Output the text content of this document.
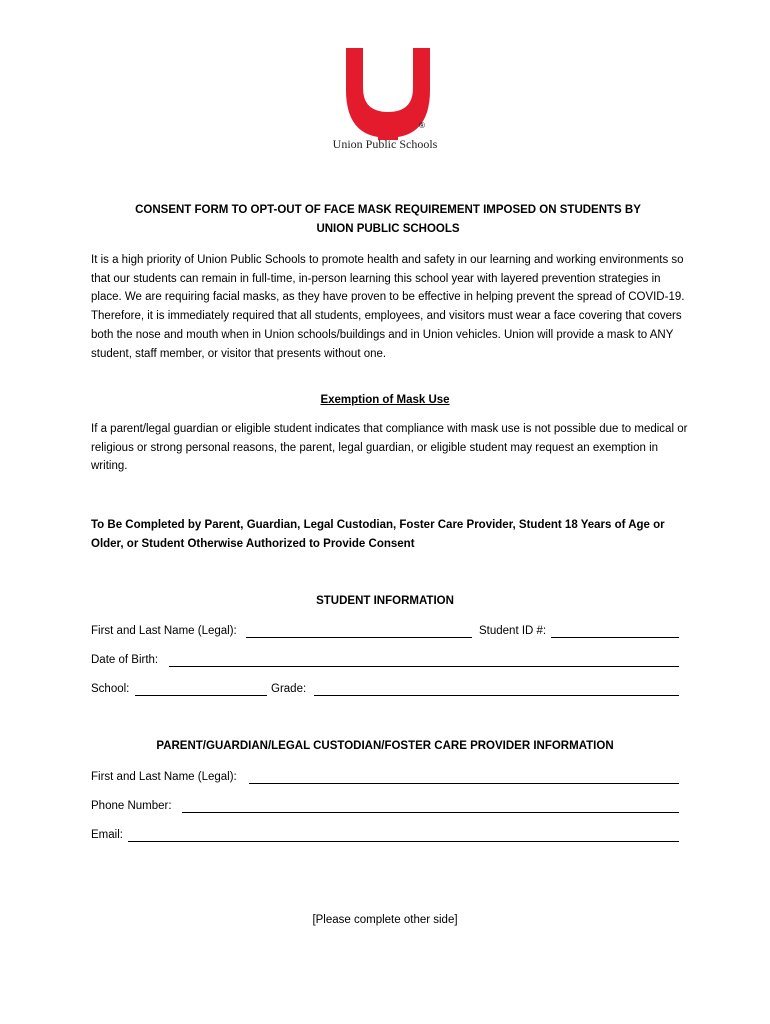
®
Union Public Schools
CONSENT FORM TO OPT-OUT OF FACE MASK REQUIREMENT IMPOSED ON STUDENTS BY
UNION PUBLIC SCHOOLS
It is a high priority of Union Public Schools to promote health and safety in our learning and working environments so that our students can remain in full-time, in-person learning this school year with layered prevention strategies in place. We are requiring facial masks, as they have proven to be effective in helping prevent the spread of COVID-19. Therefore, it is immediately required that all students, employees, and visitors must wear a face covering that covers both the nose and mouth when in Union schools/buildings and in Union vehicles. Union will provide a mask to ANY student, staff member, or visitor that presents without one.
Exemption of Mask Use
If a parent/legal guardian or eligible student indicates that compliance with mask use is not possible due to medical or religious or strong personal reasons, the parent, legal guardian, or eligible student may request an exemption in writing.
To Be Completed by Parent, Guardian, Legal Custodian, Foster Care Provider, Student 18 Years of Age or Older, or Student Otherwise Authorized to Provide Consent
STUDENT INFORMATION
First and Last Name (Legal):	Student ID #:
Date of Birth:
School:	Grade:
PARENT/GUARDIAN/LEGAL CUSTODIAN/FOSTER CARE PROVIDER INFORMATION
First and Last Name (Legal):
Phone Number:
Email:
[Please complete other side]
